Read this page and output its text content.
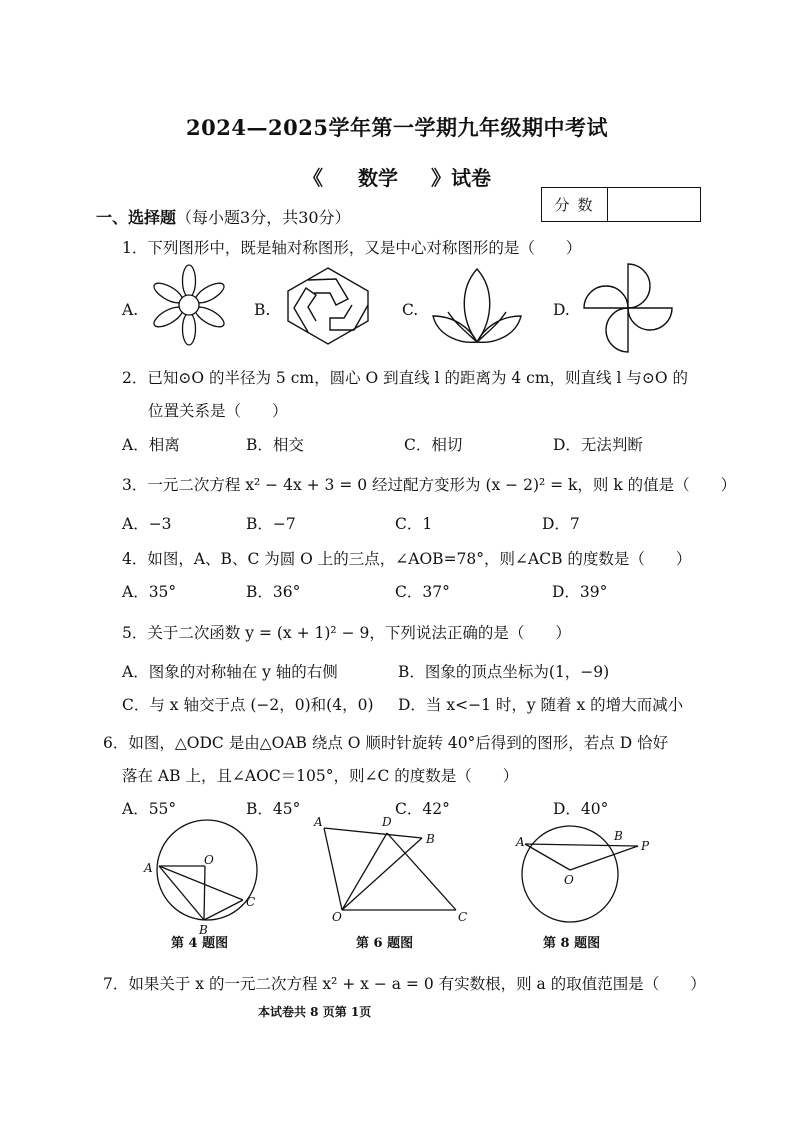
2024—2025学年第一学期九年级期中考试
《 数学 》试卷
分数
一、选择题（每小题3分，共30分）
1．下列图形中，既是轴对称图形，又是中心对称图形的是（　　）
A.	B.	C.	D.
2．已知⊙O 的半径为 5 cm，圆心 O 到直线 l 的距离为 4 cm，则直线 l 与⊙O 的
位置关系是（　　）
A．相离	B．相交	C．相切	D．无法判断
3．一元二次方程 x² − 4x + 3 = 0 经过配方变形为 (x − 2)² = k，则 k 的值是（　　）
A．−3	B．−7	C．1	D．7
4．如图，A、B、C 为圆 O 上的三点，∠AOB=78°，则∠ACB 的度数是（　　）
A．35°	B．36°	C．37°	D．39°
5．关于二次函数 y = (x + 1)² − 9，下列说法正确的是（　　）
A．图象的对称轴在 y 轴的右侧	B．图象的顶点坐标为(1，−9)
C．与 x 轴交于点 (−2，0)和(4，0) D．当 x<−1 时，y 随着 x 的增大而减小
6．如图，△ODC 是由△OAB 绕点 O 顺时针旋转 40°后得到的图形，若点 D 恰好
落在 AB 上，且∠AOC＝105°，则∠C 的度数是（　　）
A．55°	B．45°	C．42°	D．40°
A
O
B
C
第 4 题图
A	D
B
O	C
第 6 题图
A	B
P
O
第 8 题图
7．如果关于 x 的一元二次方程 x² + x − a = 0 有实数根，则 a 的取值范围是（　　）
本试卷共 8 页第 1页
